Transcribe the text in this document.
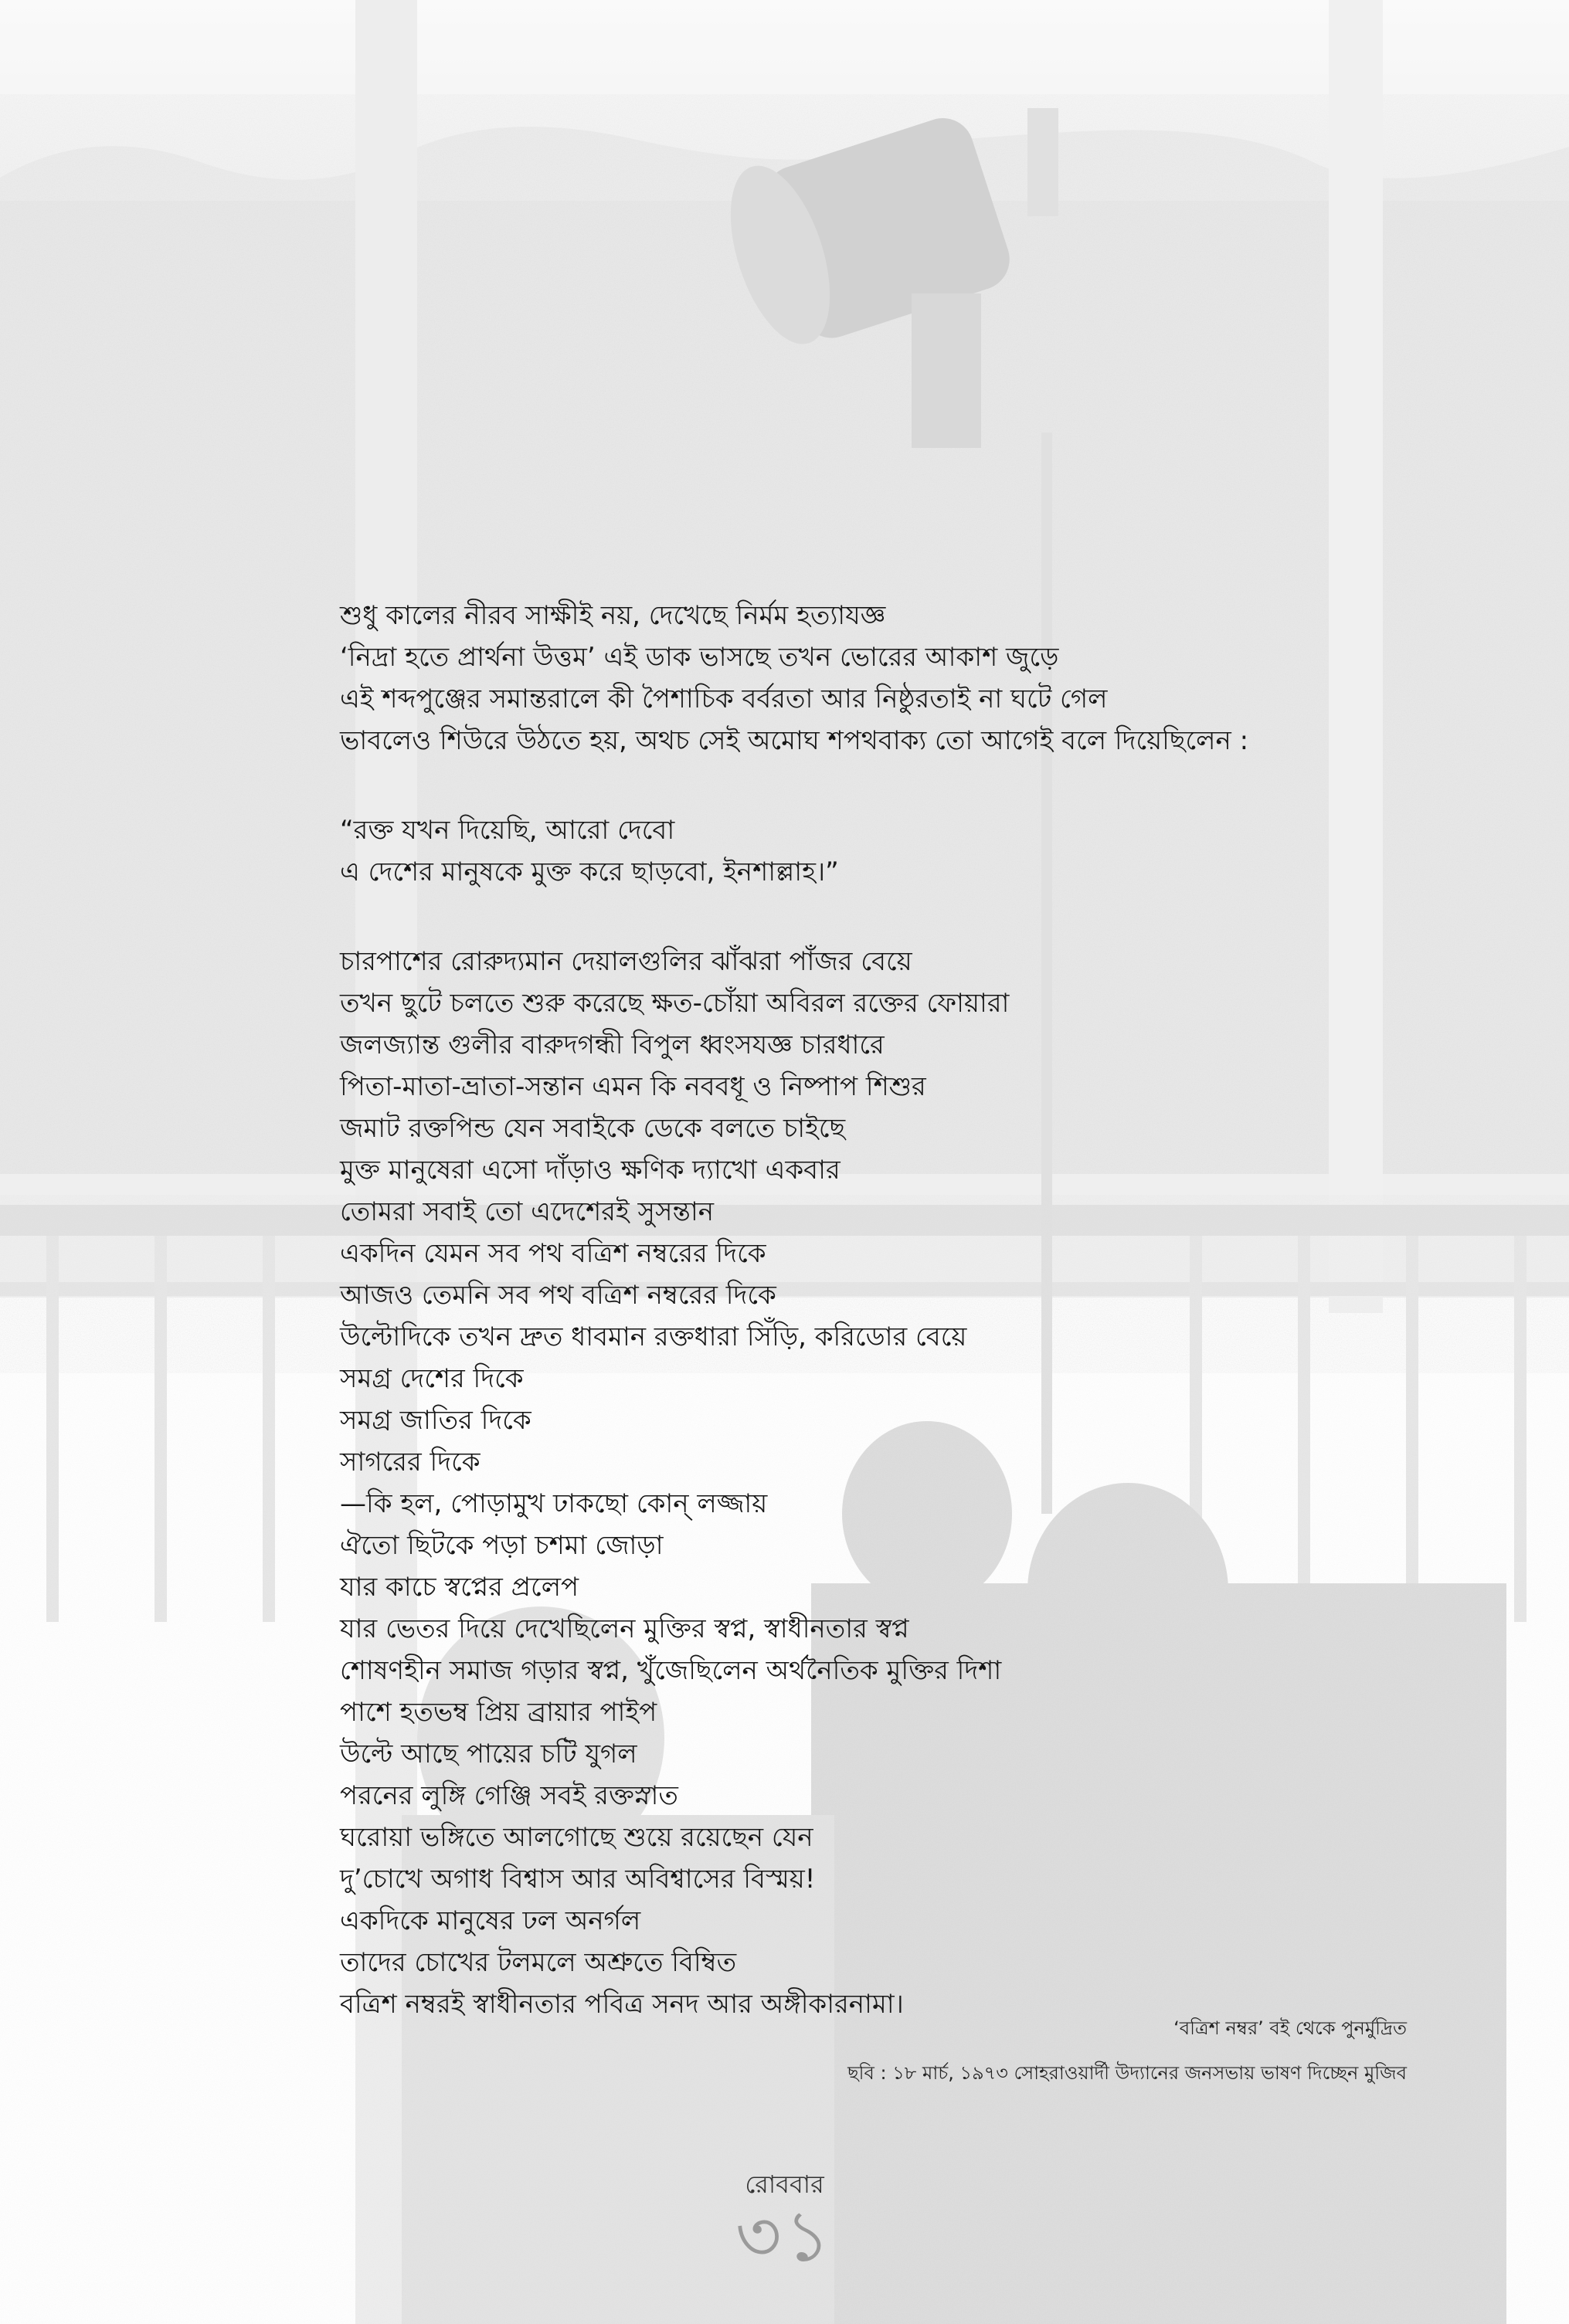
শুধু কালের নীরব সাক্ষীই নয়, দেখেছে নির্মম হত্যাযজ্ঞ
‘নিদ্রা হতে প্রার্থনা উত্তম’ এই ডাক ভাসছে তখন ভোরের আকাশ জুড়ে
এই শব্দপুঞ্জের সমান্তরালে কী পৈশাচিক বর্বরতা আর নিষ্ঠুরতাই না ঘটে গেল
ভাবলেও শিউরে উঠতে হয়, অথচ সেই অমোঘ শপথবাক্য তো আগেই বলে দিয়েছিলেন :
“রক্ত যখন দিয়েছি, আরো দেবো
এ দেশের মানুষকে মুক্ত করে ছাড়বো, ইনশাল্লাহ।”
চারপাশের রোরুদ্যমান দেয়ালগুলির ঝাঁঝরা পাঁজর বেয়ে
তখন ছুটে চলতে শুরু করেছে ক্ষত-চোঁয়া অবিরল রক্তের ফোয়ারা
জলজ্যান্ত গুলীর বারুদগন্ধী বিপুল ধ্বংসযজ্ঞ চারধারে
পিতা-মাতা-ভ্রাতা-সন্তান এমন কি নববধূ ও নিষ্পাপ শিশুর
জমাট রক্তপিন্ড যেন সবাইকে ডেকে বলতে চাইছে
মুক্ত মানুষেরা এসো দাঁড়াও ক্ষণিক দ্যাখো একবার
তোমরা সবাই তো এদেশেরই সুসন্তান
একদিন যেমন সব পথ বত্রিশ নম্বরের দিকে
আজও তেমনি সব পথ বত্রিশ নম্বরের দিকে
উল্টোদিকে তখন দ্রুত ধাবমান রক্তধারা সিঁড়ি, করিডোর বেয়ে
সমগ্র দেশের দিকে
সমগ্র জাতির দিকে
সাগরের দিকে
—কি হল, পোড়ামুখ ঢাকছো কোন্ লজ্জায়
ঐতো ছিটকে পড়া চশমা জোড়া
যার কাচে স্বপ্নের প্রলেপ
যার ভেতর দিয়ে দেখেছিলেন মুক্তির স্বপ্ন, স্বাধীনতার স্বপ্ন
শোষণহীন সমাজ গড়ার স্বপ্ন, খুঁজেছিলেন অর্থনৈতিক মুক্তির দিশা
পাশে হতভম্ব প্রিয় ব্রায়ার পাইপ
উল্টে আছে পায়ের চটি যুগল
পরনের লুঙ্গি গেঞ্জি সবই রক্তস্নাত
ঘরোয়া ভঙ্গিতে আলগোছে শুয়ে রয়েছেন যেন
দু’চোখে অগাধ বিশ্বাস আর অবিশ্বাসের বিস্ময়!
একদিকে মানুষের ঢল অনর্গল
তাদের চোখের টলমলে অশ্রুতে বিম্বিত
বত্রিশ নম্বরই স্বাধীনতার পবিত্র সনদ আর অঙ্গীকারনামা।
‘বত্রিশ নম্বর’ বই থেকে পুনর্মুদ্রিত
ছবি : ১৮ মার্চ, ১৯৭৩ সোহরাওয়ার্দী উদ্যানের জনসভায় ভাষণ দিচ্ছেন মুজিব
রোববার
৩১
